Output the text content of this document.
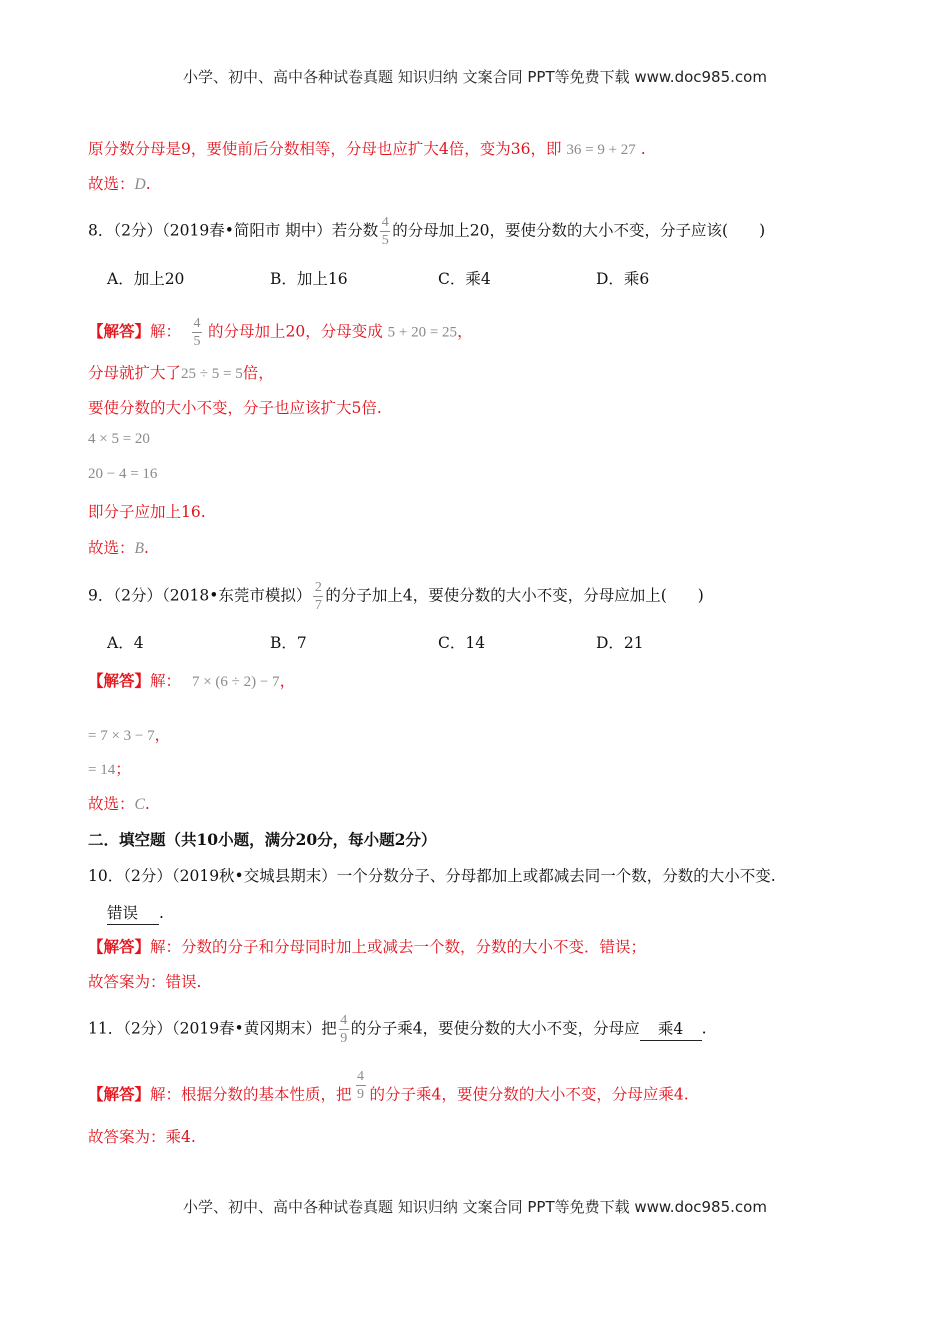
小学、初中、高中各种试卷真题 知识归纳 文案合同 PPT等免费下载 www.doc985.com
原分数分母是9，要使前后分数相等，分母也应扩大4倍，变为36，即 36 = 9 + 27 .
故选：D.
8．（2分）（2019春•简阳市 期中）若分数 $\frac{4}{5}$ 的分母加上20，要使分数的大小不变，分子应该(　　)
A．加上20	B．加上16	C．乘4	D．乘6
【解答】解： $\frac{4}{5}$ 的分母加上20，分母变成 5 + 20 = 25，
分母就扩大了25 ÷ 5 = 5倍，
要使分数的大小不变，分子也应该扩大5倍.
4 × 5 = 20
20 − 4 = 16
即分子应加上16.
故选：B.
9．（2分）（2018•东莞市模拟） $\frac{2}{7}$ 的分子加上4，要使分数的大小不变，分母应加上(　　)
A．4	B．7	C．14	D．21
【解答】解： 7 × (6 ÷ 2) − 7，
= 7 × 3 − 7，
= 14；
故选：C.
二．填空题（共10小题，满分20分，每小题2分）
10．（2分）（2019秋•交城县期末）一个分数分子、分母都加上或都减去同一个数，分数的大小不变.
错误 .
【解答】解：分数的分子和分母同时加上或减去一个数，分数的大小不变．错误；
故答案为：错误.
11．（2分）（2019春•黄冈期末）把 $\frac{4}{9}$ 的分子乘4，要使分数的大小不变，分母应 乘4 .
【解答】解：根据分数的基本性质，把 $\frac{4}{9}$ 的分子乘4，要使分数的大小不变，分母应乘4.
故答案为：乘4.
小学、初中、高中各种试卷真题 知识归纳 文案合同 PPT等免费下载 www.doc985.com
